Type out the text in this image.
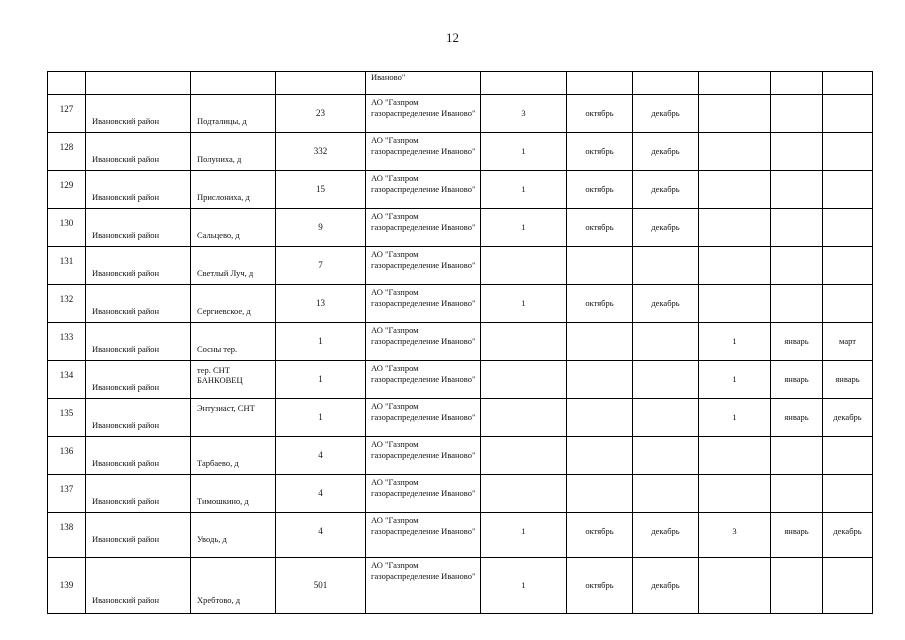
12

				Иваново"						

127	Ивановский район	Подталицы, д	23	АО "Газпром газораспределение Иваново"	3	октябрь	декабрь			

128	Ивановский район	Полуниха, д	332	АО "Газпром газораспределение Иваново"	1	октябрь	декабрь			

129	Ивановский район	Прислониха, д	15	АО "Газпром газораспределение Иваново"	1	октябрь	декабрь			

130	Ивановский район	Сальцево, д	9	АО "Газпром газораспределение Иваново"	1	октябрь	декабрь			

131	Ивановский район	Светлый Луч, д	7	АО "Газпром газораспределение Иваново"						

132	Ивановский район	Сергиевское, д	13	АО "Газпром газораспределение Иваново"	1	октябрь	декабрь			

133	Ивановский район	Сосны тер.	1	АО "Газпром газораспределение Иваново"				1	январь	март

134	Ивановский район	тер. СНТ БАНКОВЕЦ	1	АО "Газпром газораспределение Иваново"				1	январь	январь

135	Ивановский район	Энтузиаст, СНТ	1	АО "Газпром газораспределение Иваново"				1	январь	декабрь

136	Ивановский район	Тарбаево, д	4	АО "Газпром газораспределение Иваново"						

137	Ивановский район	Тимошкино, д	4	АО "Газпром газораспределение Иваново"						

138	Ивановский район	Уводь, д	4	АО "Газпром газораспределение Иваново"	1	октябрь	декабрь	3	январь	декабрь

139	Ивановский район	Хребтово, д	501	АО "Газпром газораспределение Иваново"	1	октябрь	декабрь			
